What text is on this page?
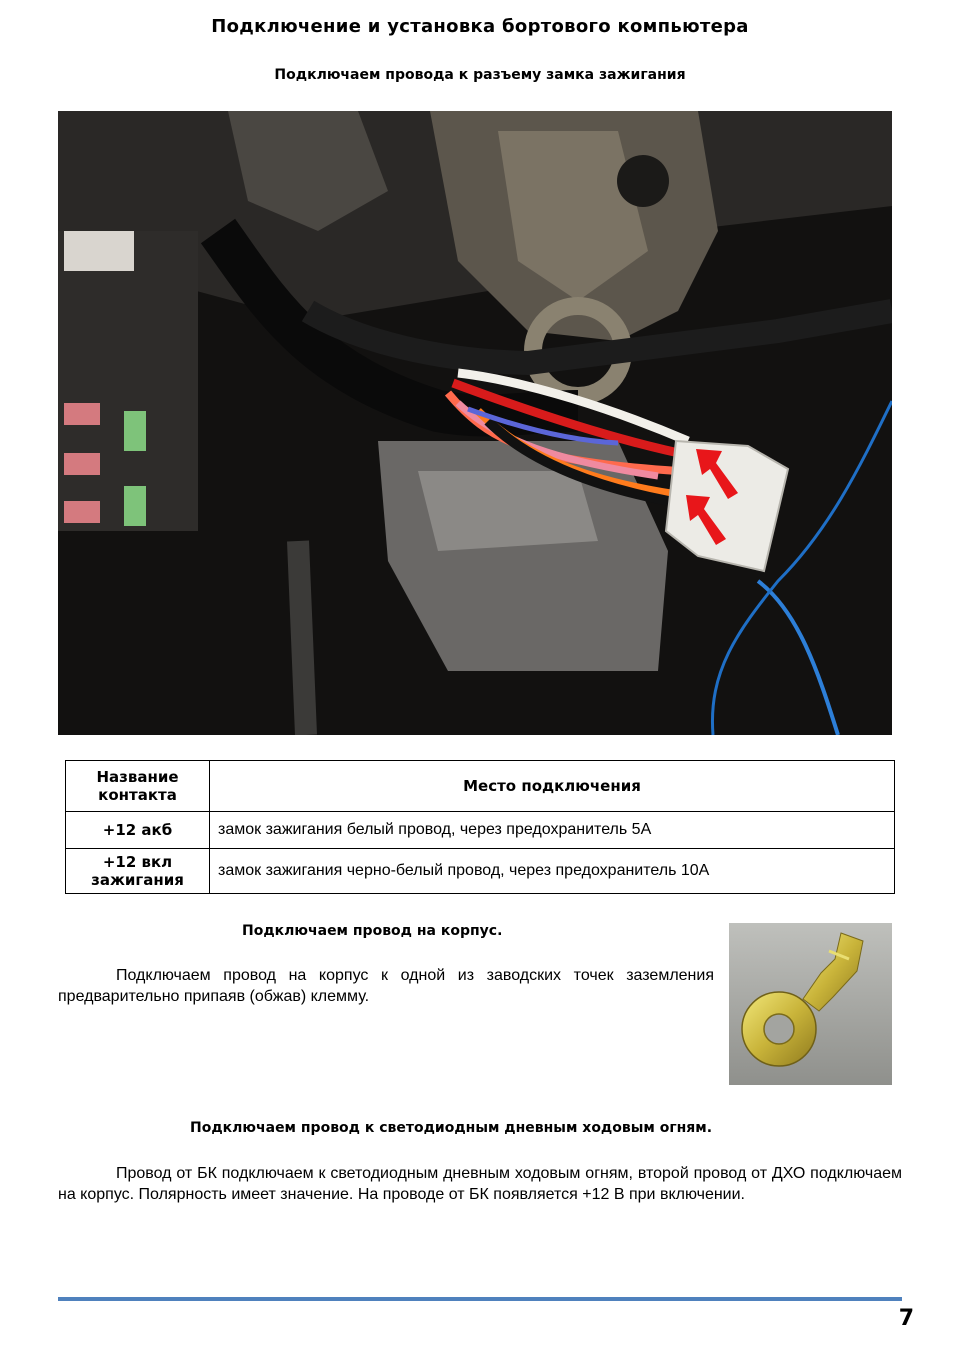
Подключение и установка бортового компьютера
Подключаем провода к разъему замка зажигания
Название контакта	Место подключения
+12 акб	замок зажигания белый провод, через предохранитель 5А
+12 вкл зажигания	замок зажигания черно-белый провод, через предохранитель 10А
Подключаем провод на корпус.

Подключаем провод на корпус к одной из заводских точек заземления предварительно припаяв (обжав) клемму.

Подключаем провод к светодиодным дневным ходовым огням.

Провод от БК подключаем к светодиодным дневным ходовым огням, второй провод от ДХО подключаем на корпус. Полярность имеет значение. На проводе от БК появляется +12 В при включении.

7
